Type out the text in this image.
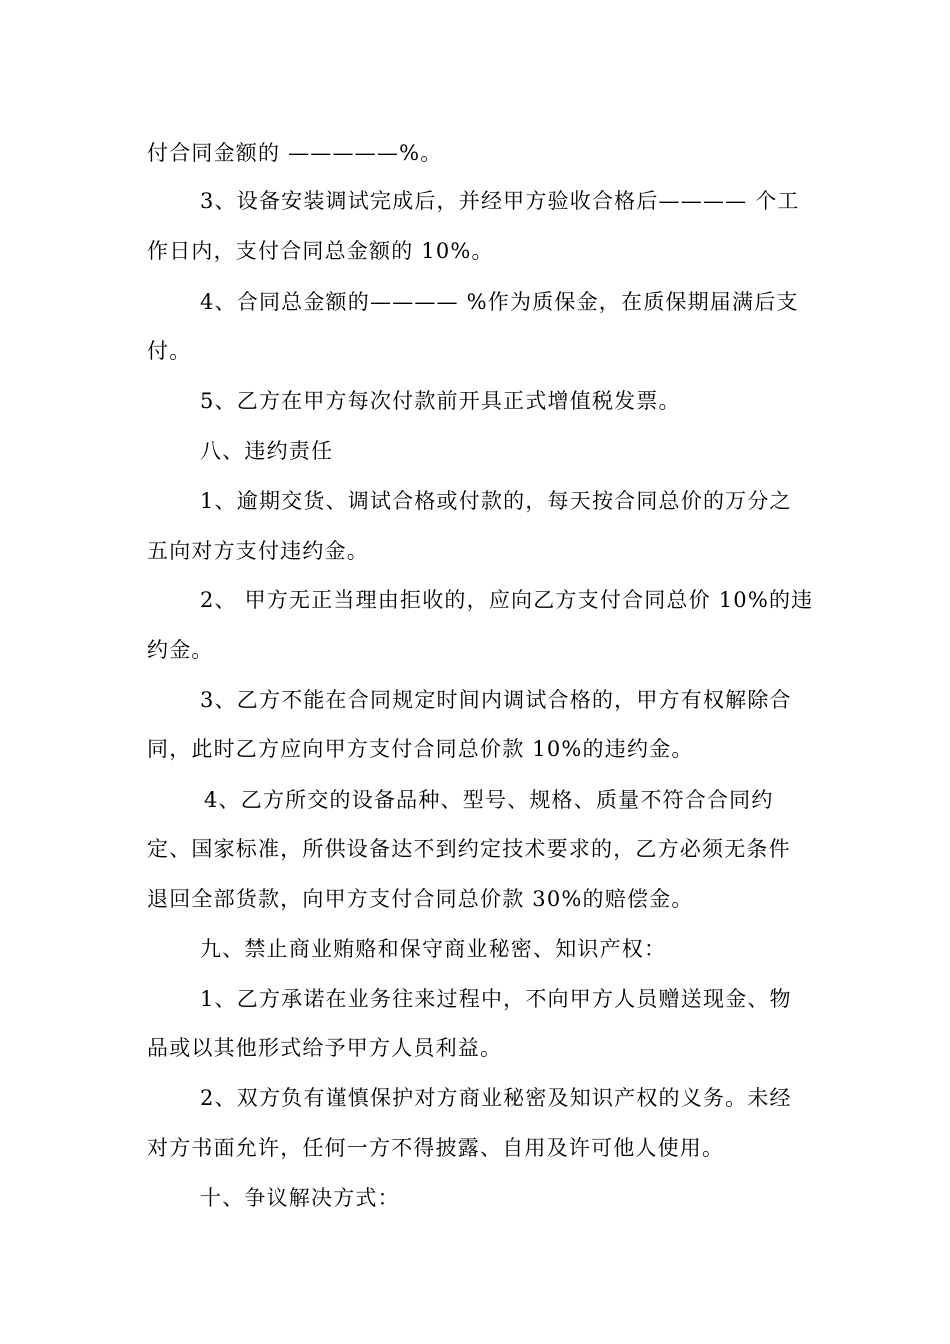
付合同金额的 —————%。
3、设备安装调试完成后，并经甲方验收合格后———— 个工
作日内，支付合同总金额的 10%。
4、合同总金额的———— %作为质保金，在质保期届满后支
付。
5、乙方在甲方每次付款前开具正式增值税发票。
八、违约责任
1、逾期交货、调试合格或付款的，每天按合同总价的万分之
五向对方支付违约金。
2、 甲方无正当理由拒收的，应向乙方支付合同总价 10%的违
约金。
3、乙方不能在合同规定时间内调试合格的，甲方有权解除合
同，此时乙方应向甲方支付合同总价款 10%的违约金。
4、乙方所交的设备品种、型号、规格、质量不符合合同约
定、国家标准，所供设备达不到约定技术要求的，乙方必须无条件
退回全部货款，向甲方支付合同总价款 30%的赔偿金。
九、禁止商业贿赂和保守商业秘密、知识产权：
1、乙方承诺在业务往来过程中，不向甲方人员赠送现金、物
品或以其他形式给予甲方人员利益。
2、双方负有谨慎保护对方商业秘密及知识产权的义务。未经
对方书面允许，任何一方不得披露、自用及许可他人使用。
十、争议解决方式：
